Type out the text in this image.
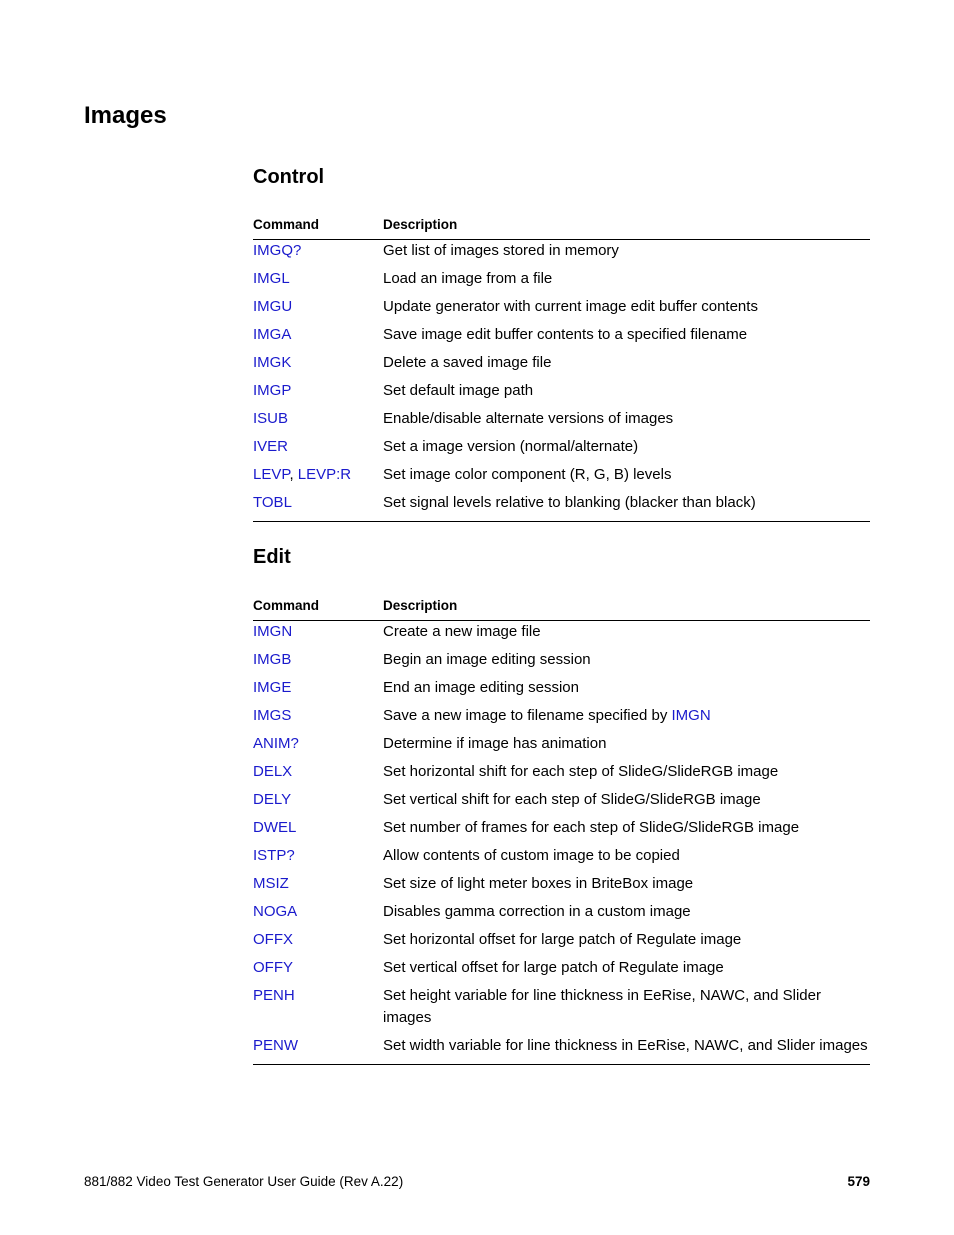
Images
Control
Command	Description
IMGQ?	Get list of images stored in memory
IMGL	Load an image from a file
IMGU	Update generator with current image edit buffer contents
IMGA	Save image edit buffer contents to a specified filename
IMGK	Delete a saved image file
IMGP	Set default image path
ISUB	Enable/disable alternate versions of images
IVER	Set a image version (normal/alternate)
LEVP, LEVP:R	Set image color component (R, G, B) levels
TOBL	Set signal levels relative to blanking (blacker than black)
Edit
Command	Description
IMGN	Create a new image file
IMGB	Begin an image editing session
IMGE	End an image editing session
IMGS	Save a new image to filename specified by IMGN
ANIM?	Determine if image has animation
DELX	Set horizontal shift for each step of SlideG/SlideRGB image
DELY	Set vertical shift for each step of SlideG/SlideRGB image
DWEL	Set number of frames for each step of SlideG/SlideRGB image
ISTP?	Allow contents of custom image to be copied
MSIZ	Set size of light meter boxes in BriteBox image
NOGA	Disables gamma correction in a custom image
OFFX	Set horizontal offset for large patch of Regulate image
OFFY	Set vertical offset for large patch of Regulate image
PENH	Set height variable for line thickness in EeRise, NAWC, and Slider images
PENW	Set width variable for line thickness in EeRise, NAWC, and Slider images
881/882 Video Test Generator User Guide (Rev A.22)	579
